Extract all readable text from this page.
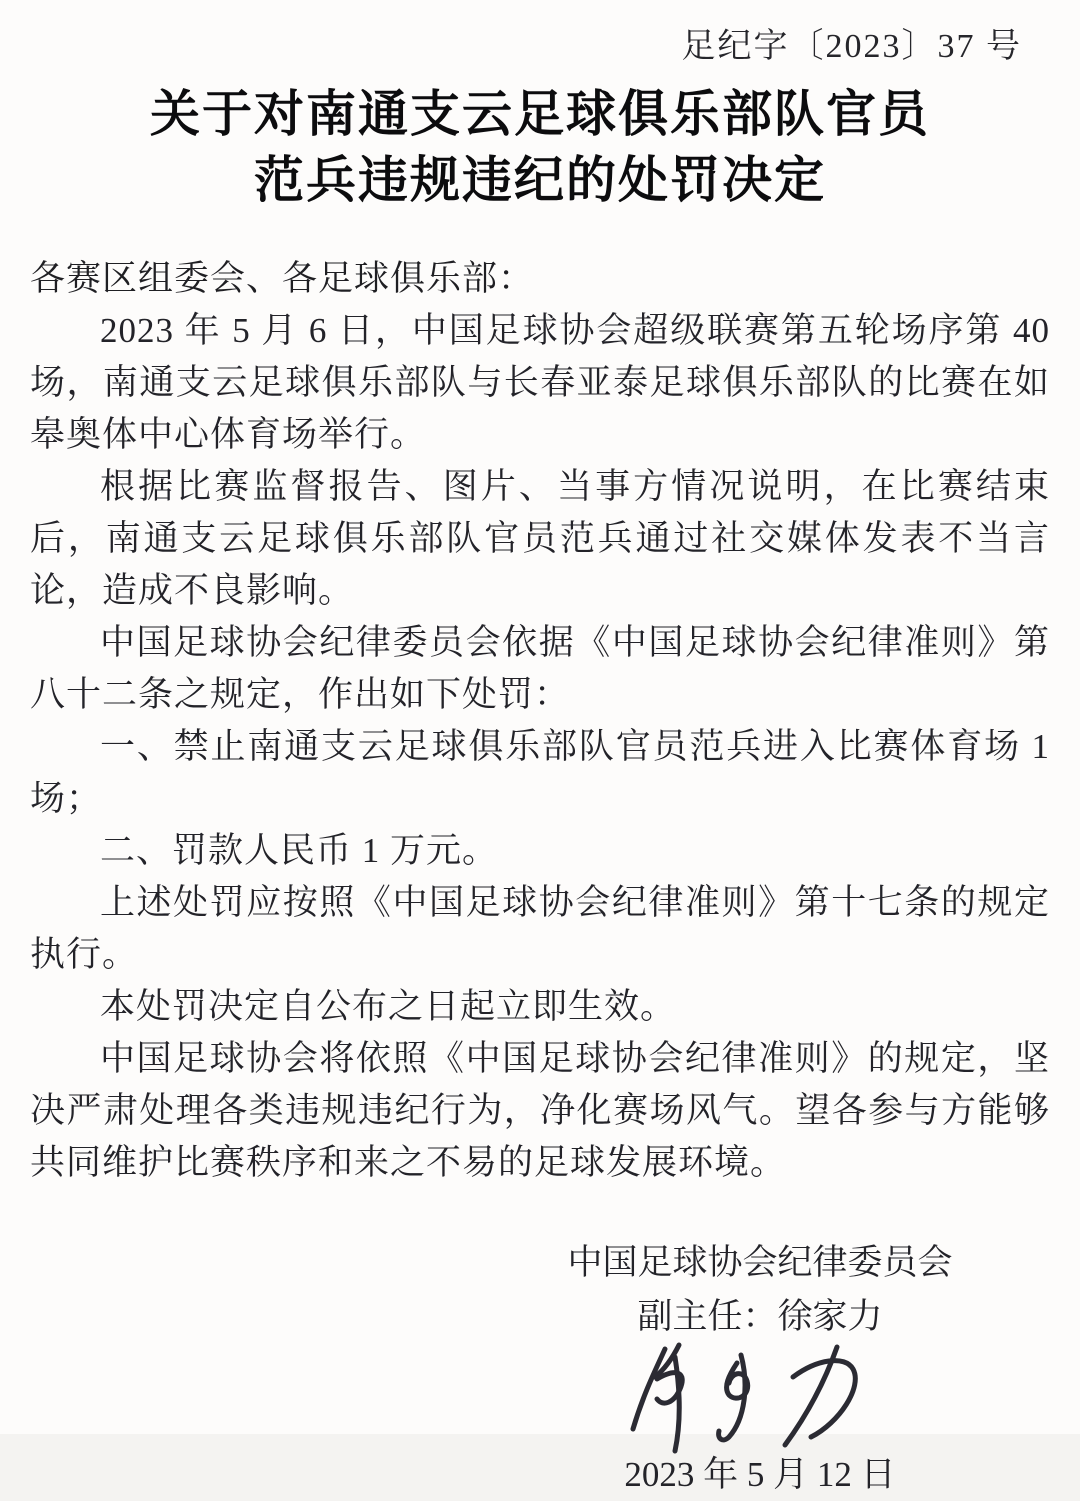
足纪字〔2023〕37 号
关于对南通支云足球俱乐部队官员
范兵违规违纪的处罚决定
各赛区组委会、各足球俱乐部：

2023 年 5 月 6 日，中国足球协会超级联赛第五轮场序第 40 场，南通支云足球俱乐部队与长春亚泰足球俱乐部队的比赛在如皋奥体中心体育场举行。

根据比赛监督报告、图片、当事方情况说明，在比赛结束后，南通支云足球俱乐部队官员范兵通过社交媒体发表不当言论，造成不良影响。

中国足球协会纪律委员会依据《中国足球协会纪律准则》第八十二条之规定，作出如下处罚：

一、禁止南通支云足球俱乐部队官员范兵进入比赛体育场 1 场；

二、罚款人民币 1 万元。

上述处罚应按照《中国足球协会纪律准则》第十七条的规定执行。

本处罚决定自公布之日起立即生效。

中国足球协会将依照《中国足球协会纪律准则》的规定，坚决严肃处理各类违规违纪行为，净化赛场风气。望各参与方能够共同维护比赛秩序和来之不易的足球发展环境。

中国足球协会纪律委员会
副主任：徐家力
2023 年 5 月 12 日
